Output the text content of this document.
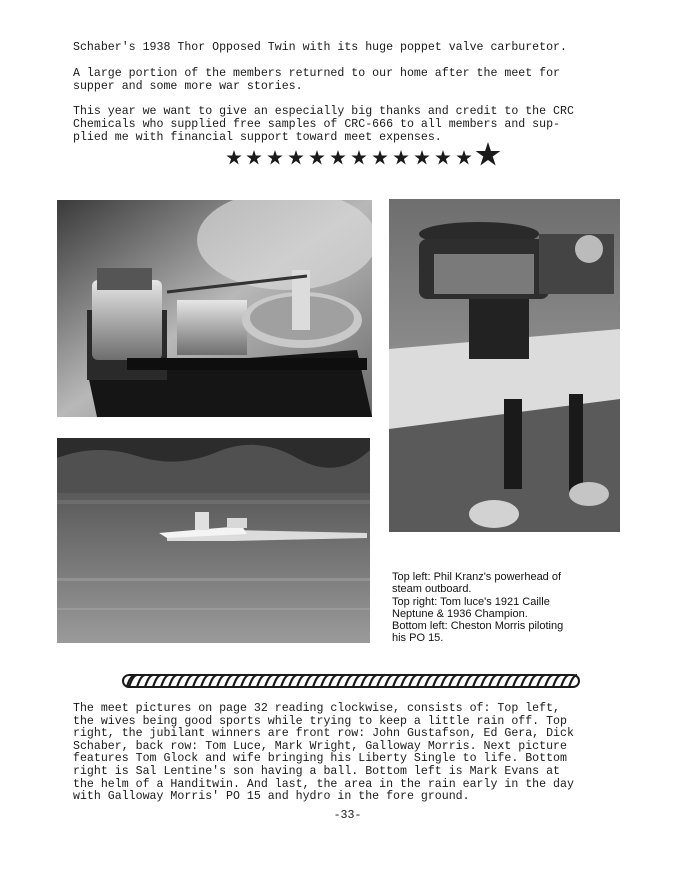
Schaber's 1938 Thor Opposed Twin with its huge poppet valve carburetor.

A large portion of the members returned to our home after the meet for
supper and some more war stories.

This year we want to give an especially big thanks and credit to the CRC
Chemicals who supplied free samples of CRC-666 to all members and sup-
plied me with financial support toward meet expenses.

Top left: Phil Kranz's powerhead of
steam outboard.
Top right: Tom luce's 1921 Caille
Neptune & 1936 Champion.
Bottom left: Cheston Morris piloting
his PO 15.

The meet pictures on page 32 reading clockwise, consists of: Top left,
the wives being good sports while trying to keep a little rain off. Top
right, the jubilant winners are front row: John Gustafson, Ed Gera, Dick
Schaber, back row: Tom Luce, Mark Wright, Galloway Morris. Next picture
features Tom Glock and wife bringing his Liberty Single to life. Bottom
right is Sal Lentine's son having a ball. Bottom left is Mark Evans at
the helm of a Handitwin. And last, the area in the rain early in the day
with Galloway Morris' PO 15 and hydro in the fore ground.

-33-
